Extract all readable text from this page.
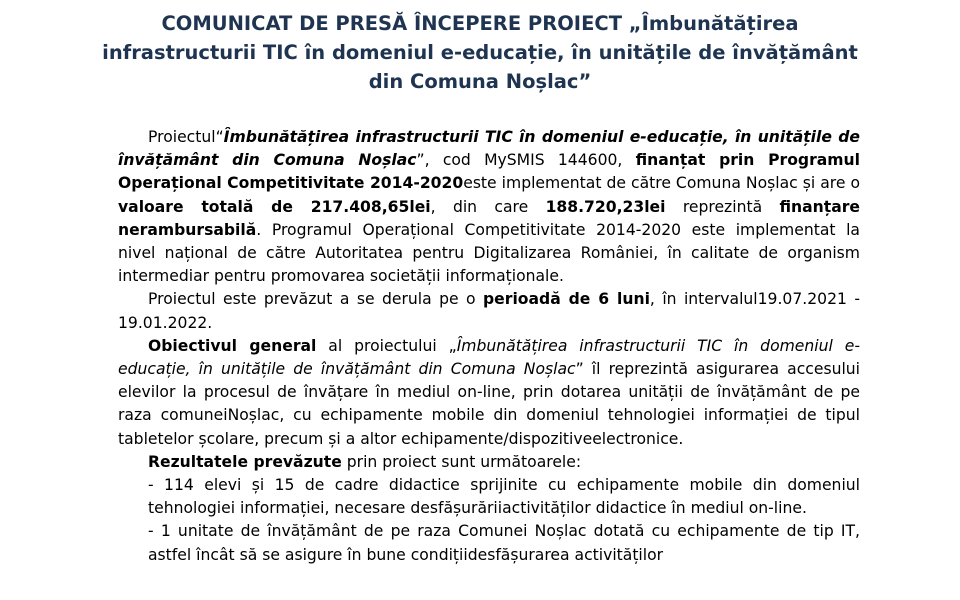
COMUNICAT DE PRESĂ ÎNCEPERE PROIECT „Îmbunătățirea
infrastructurii TIC în domeniul e-educație, în unitățile de învățământ
din Comuna Noșlac”

Proiectul“Îmbunătățirea infrastructurii TIC în domeniul e-educație, în unitățile de învățământ din Comuna Noșlac”, cod MySMIS 144600, finanțat prin Programul Operațional Competitivitate 2014-2020este implementat de către Comuna Noșlac și are o valoare totală de 217.408,65lei, din care 188.720,23lei reprezintă finanțare nerambursabilă. Programul Operațional Competitivitate 2014-2020 este implementat la nivel național de către Autoritatea pentru Digitalizarea României, în calitate de organism intermediar pentru promovarea societății informaționale.

Proiectul este prevăzut a se derula pe o perioadă de 6 luni, în intervalul19.07.2021 - 19.01.2022.

Obiectivul general al proiectului „Îmbunătățirea infrastructurii TIC în domeniul e-educație, în unitățile de învățământ din Comuna Noșlac” îl reprezintă asigurarea accesului elevilor la procesul de învățare în mediul on-line, prin dotarea unității de învățământ de pe raza comuneiNoșlac, cu echipamente mobile din domeniul tehnologiei informației de tipul tabletelor școlare, precum și a altor echipamente/dispozitiveelectronice.

Rezultatele prevăzute prin proiect sunt următoarele:

- 114 elevi și 15 de cadre didactice sprijinite cu echipamente mobile din domeniul tehnologiei informației, necesare desfășurăriiactivităților didactice în mediul on-line.

- 1 unitate de învățământ de pe raza Comunei Noșlac dotată cu echipamente de tip IT, astfel încât să se asigure în bune condițiidesfășurarea activităților
